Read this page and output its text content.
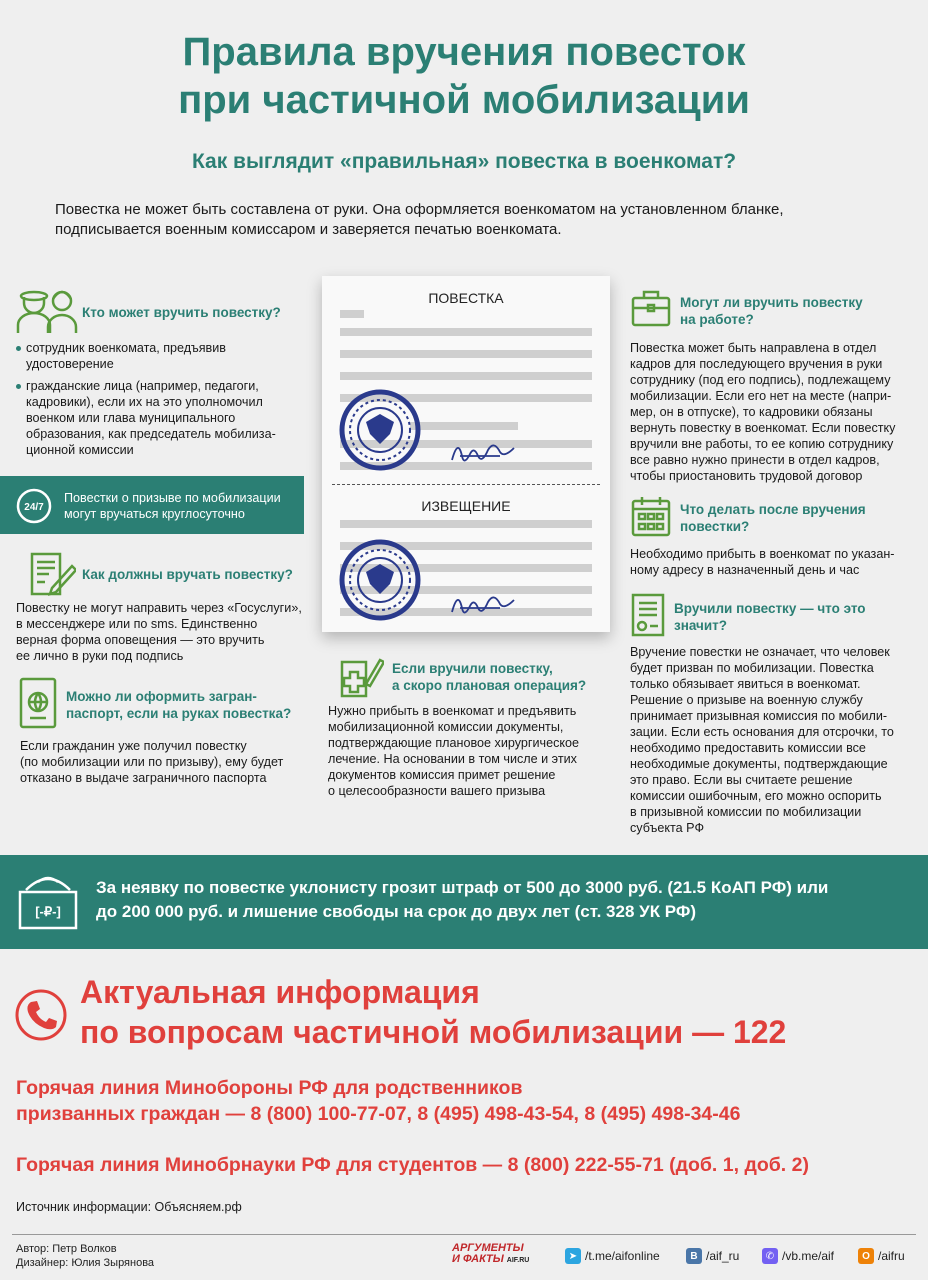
Правила вручения повесток
при частичной мобилизации
Как выглядит «правильная» повестка в военкомат?
Повестка не может быть составлена от руки. Она оформляется военкоматом на установленном бланке,
подписывается военным комиссаром и заверяется печатью военкомата.
Кто может вручить повестку?
сотрудник военкомата, предъявив
удостоверение
гражданские лица (например, педагоги,
кадровики), если их на это уполномочил
военком или глава муниципального
образования, как председатель мобилиза-
ционной комиссии
24/7
Повестки о призыве по мобилизации
могут вручаться круглосуточно
Как должны вручать повестку?
Повестку не могут направить через «Госуслуги»,
в мессенджере или по sms. Единственно
верная форма оповещения — это вручить
ее лично в руки под подпись
Можно ли оформить загран-
паспорт, если на руках повестка?
Если гражданин уже получил повестку
(по мобилизации или по призыву), ему будет
отказано в выдаче заграничного паспорта
ПОВЕСТКА
ИЗВЕЩЕНИЕ
Если вручили повестку,
а скоро плановая операция?
Нужно прибыть в военкомат и предъявить
мобилизационной комиссии документы,
подтверждающие плановое хирургическое
лечение. На основании в том числе и этих
документов комиссия примет решение
о целесообразности вашего призыва
Могут ли вручить повестку
на работе?
Повестка может быть направлена в отдел
кадров для последующего вручения в руки
сотруднику (под его подпись), подлежащему
мобилизации. Если его нет на месте (напри-
мер, он в отпуске), то кадровики обязаны
вернуть повестку в военкомат. Если повестку
вручили вне работы, то ее копию сотруднику
все равно нужно принести в отдел кадров,
чтобы приостановить трудовой договор
Что делать после вручения
повестки?
Необходимо прибыть в военкомат по указан-
ному адресу в назначенный день и час
Вручили повестку — что это
значит?
Вручение повестки не означает, что человек
будет призван по мобилизации. Повестка
только обязывает явиться в военкомат.
Решение о призыве на военную службу
принимает призывная комиссия по мобили-
зации. Если есть основания для отсрочки, то
необходимо предоставить комиссии все
необходимые документы, подтверждающие
это право. Если вы считаете решение
комиссии ошибочным, его можно оспорить
в призывной комиссии по мобилизации
субъекта РФ
[-₽-]
За неявку по повестке уклонисту грозит штраф от 500 до 3000 руб. (21.5 КоАП РФ) или
до 200 000 руб. и лишение свободы на срок до двух лет (ст. 328 УК РФ)
Актуальная информация
по вопросам частичной мобилизации — 122
Горячая линия Минобороны РФ для родственников
призванных граждан — 8 (800) 100-77-07, 8 (495) 498-43-54, 8 (495) 498-34-46
Горячая линия Минобрнауки РФ для студентов — 8 (800) 222-55-71 (доб. 1, доб. 2)
Источник информации: Объясняем.рф
Автор: Петр Волков
Дизайнер: Юлия Зырянова
АРГУМЕНТЫ
И ФАКТЫ AIF.RU	➤ /t.me/aifonline	В /aif_ru	✆ /vb.me/aif	О /aifru
